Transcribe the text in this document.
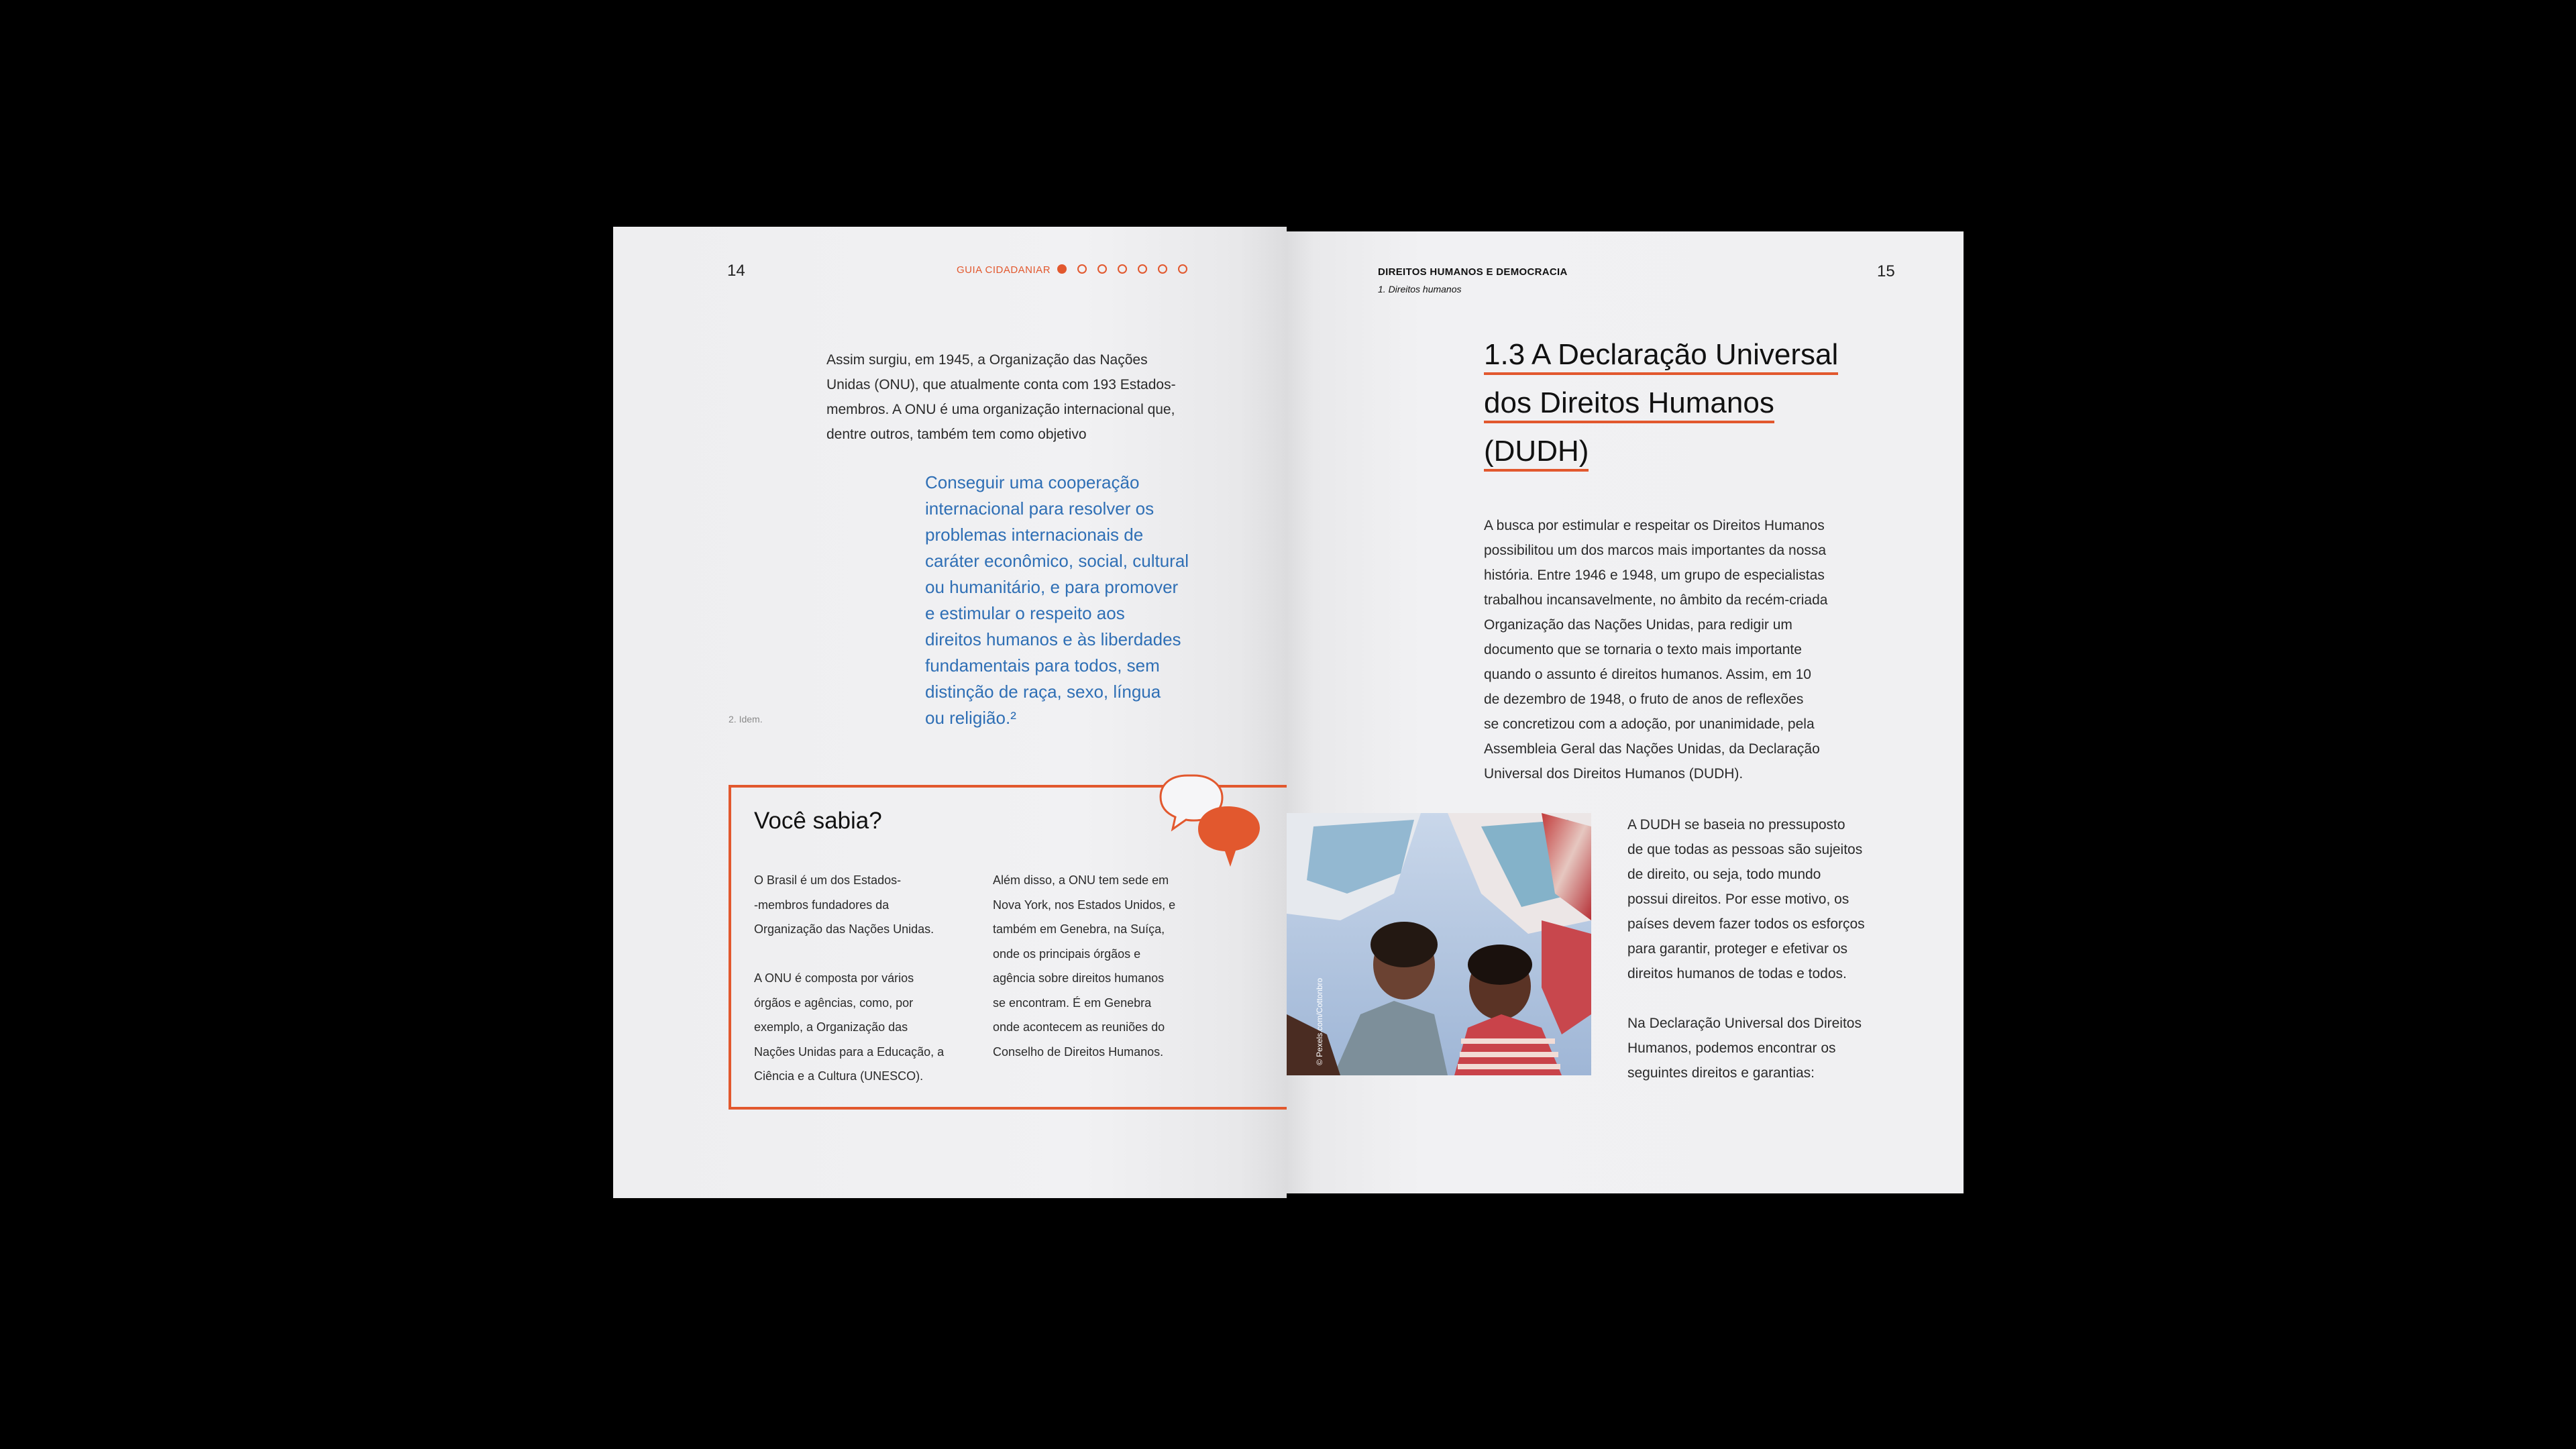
14	GUIA CIDADANIAR
Assim surgiu, em 1945, a Organização das Nações
Unidas (ONU), que atualmente conta com 193 Estados-
membros. A ONU é uma organização internacional que,
dentre outros, também tem como objetivo
Conseguir uma cooperação
internacional para resolver os
problemas internacionais de
caráter econômico, social, cultural
ou humanitário, e para promover
e estimular o respeito aos
direitos humanos e às liberdades
fundamentais para todos, sem
distinção de raça, sexo, língua
ou religião.²
2. Idem.
Você sabia?
O Brasil é um dos Estados-
-membros fundadores da
Organização das Nações Unidas.

A ONU é composta por vários
órgãos e agências, como, por
exemplo, a Organização das
Nações Unidas para a Educação, a
Ciência e a Cultura (UNESCO).
Além disso, a ONU tem sede em
Nova York, nos Estados Unidos, e
também em Genebra, na Suíça,
onde os principais órgãos e
agência sobre direitos humanos
se encontram. É em Genebra
onde acontecem as reuniões do
Conselho de Direitos Humanos.
DIREITOS HUMANOS E DEMOCRACIA
1. Direitos humanos
15
1.3 A Declaração Universal
dos Direitos Humanos
(DUDH)
A busca por estimular e respeitar os Direitos Humanos
possibilitou um dos marcos mais importantes da nossa
história. Entre 1946 e 1948, um grupo de especialistas
trabalhou incansavelmente, no âmbito da recém-criada
Organização das Nações Unidas, para redigir um
documento que se tornaria o texto mais importante
quando o assunto é direitos humanos. Assim, em 10
de dezembro de 1948, o fruto de anos de reflexões
se concretizou com a adoção, por unanimidade, pela
Assembleia Geral das Nações Unidas, da Declaração
Universal dos Direitos Humanos (DUDH).
© Pexels.com/Cottonbro
A DUDH se baseia no pressuposto
de que todas as pessoas são sujeitos
de direito, ou seja, todo mundo
possui direitos. Por esse motivo, os
países devem fazer todos os esforços
para garantir, proteger e efetivar os
direitos humanos de todas e todos.

Na Declaração Universal dos Direitos
Humanos, podemos encontrar os
seguintes direitos e garantias:
